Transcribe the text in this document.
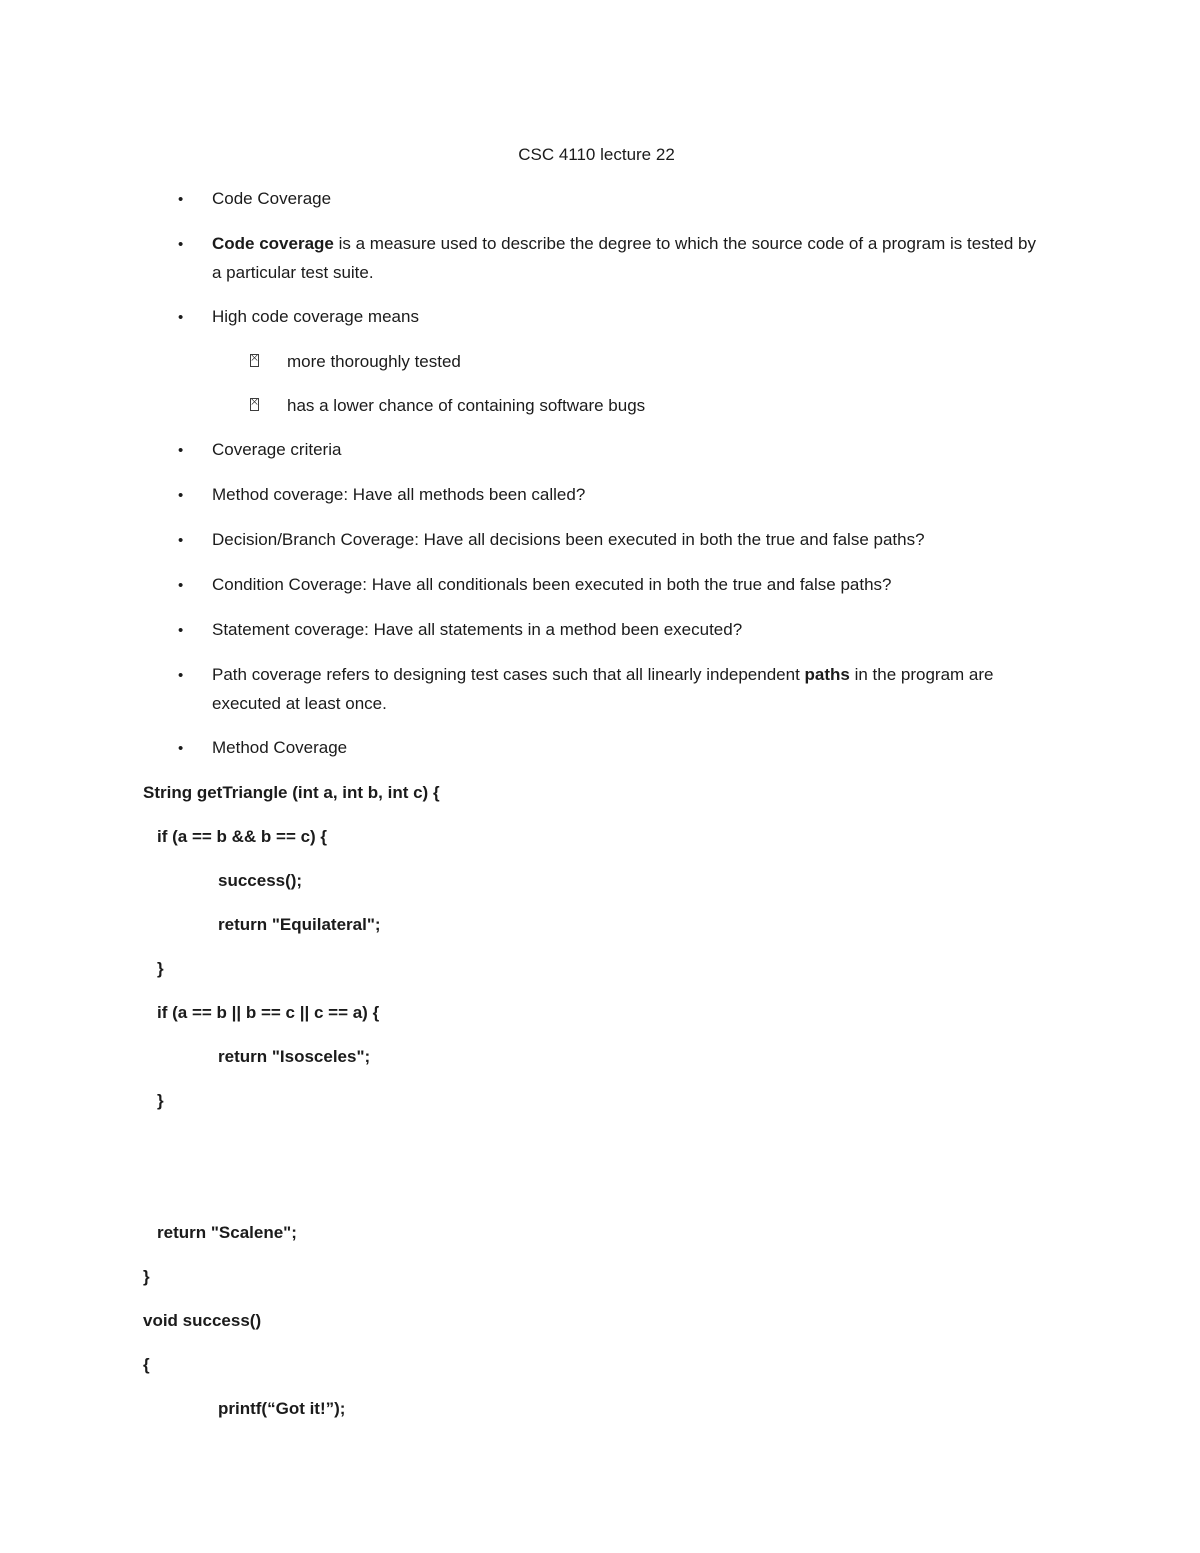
CSC 4110 lecture 22
•
Code Coverage
•
Code coverage is a measure used to describe the degree to which the source code of a program is tested by a particular test suite.
•
High code coverage means
more thoroughly tested
has a lower chance of containing software bugs
•
Coverage criteria
•
Method coverage: Have all methods been called?
•
Decision/Branch Coverage: Have all decisions been executed in both the true and false paths?
•
Condition Coverage: Have all conditionals been executed in both the true and false paths?
•
Statement coverage: Have all statements in a method been executed?
•
Path coverage refers to designing test cases such that all linearly independent paths in the program are executed at least once.
•
Method Coverage
String getTriangle (int a, int b, int c) {
if (a == b && b == c) {
success();
return "Equilateral";
}
if (a == b || b == c || c == a) {
return "Isosceles";
}

return "Scalene";
}
void success()
{
printf(“Got it!”);
